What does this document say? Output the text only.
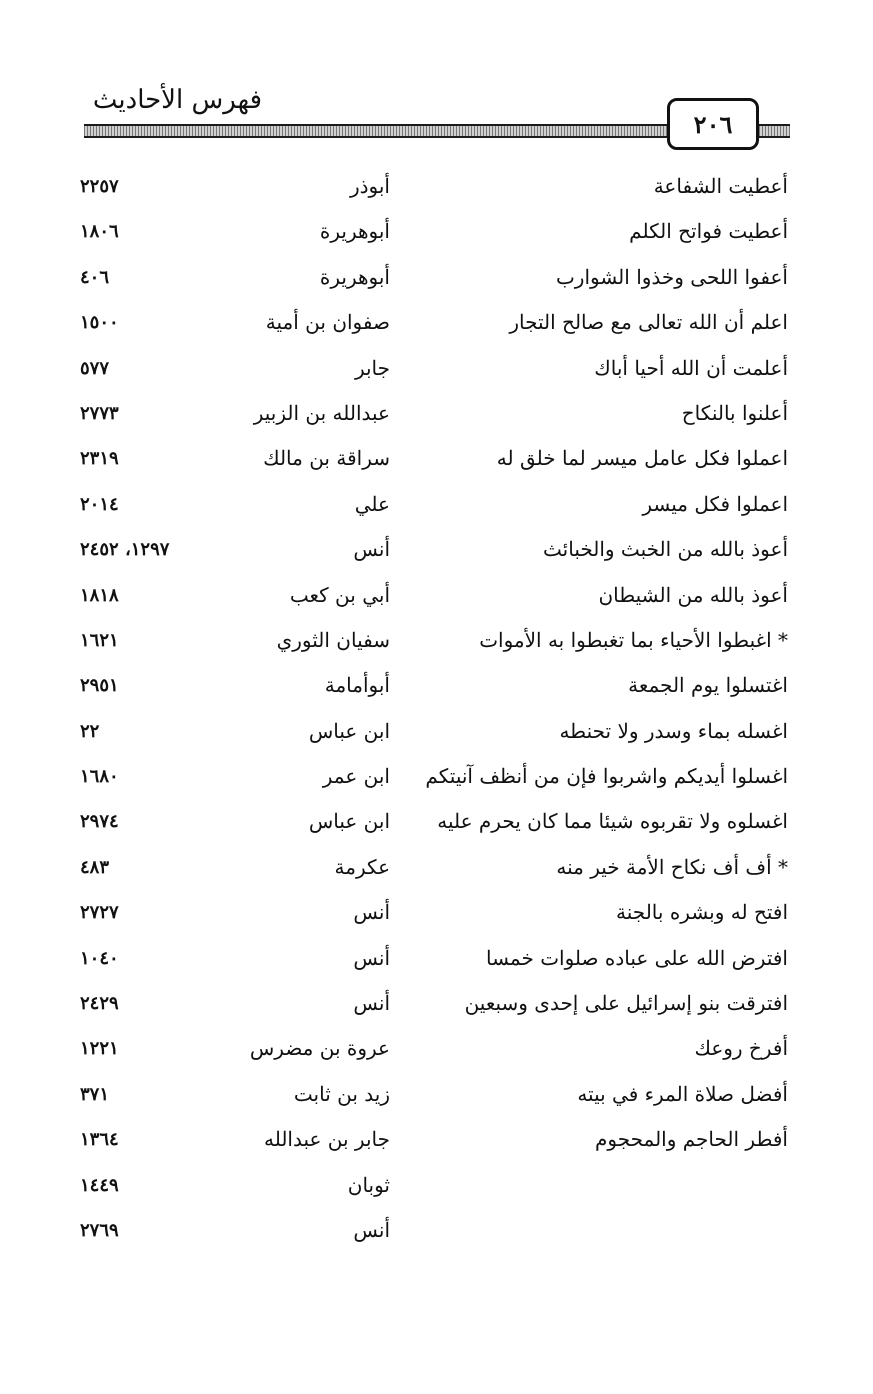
فهرس الأحاديث
٢٠٦
أعطيت الشفاعة
أبوذر
٢٢٥٧
أعطيت فواتح الكلم
أبوهريرة
١٨٠٦
أعفوا اللحى وخذوا الشوارب
أبوهريرة
٤٠٦
اعلم أن الله تعالى مع صالح التجار
صفوان بن أمية
١٥٠٠
أعلمت أن الله أحيا أباك
جابر
٥٧٧
أعلنوا بالنكاح
عبدالله بن الزبير
٢٧٧٣
اعملوا فكل عامل ميسر لما خلق له
سراقة بن مالك
٢٣١٩
اعملوا فكل ميسر
علي
٢٠١٤
أعوذ بالله من الخبث والخبائث
أنس
١٢٩٧، ٢٤٥٢
أعوذ بالله من الشيطان
أبي بن كعب
١٨١٨
* اغبطوا الأحياء بما تغبطوا به الأموات
سفيان الثوري
١٦٢١
اغتسلوا يوم الجمعة
أبوأمامة
٢٩٥١
اغسله بماء وسدر ولا تحنطه
ابن عباس
٢٢
اغسلوا أيديكم واشربوا فإن من أنظف آنيتكم
ابن عمر
١٦٨٠
اغسلوه ولا تقربوه شيئا مما كان يحرم عليه
ابن عباس
٢٩٧٤
* أف أف نكاح الأمة خير منه
عكرمة
٤٨٣
افتح له وبشره بالجنة
أنس
٢٧٢٧
افترض الله على عباده صلوات خمسا
أنس
١٠٤٠
افترقت بنو إسرائيل على إحدى وسبعين
أنس
٢٤٢٩
أفرخ روعك
عروة بن مضرس
١٢٢١
أفضل صلاة المرء في بيته
زيد بن ثابت
٣٧١
أفطر الحاجم والمحجوم
جابر بن عبدالله
١٣٦٤
ثوبان
١٤٤٩
أنس
٢٧٦٩
